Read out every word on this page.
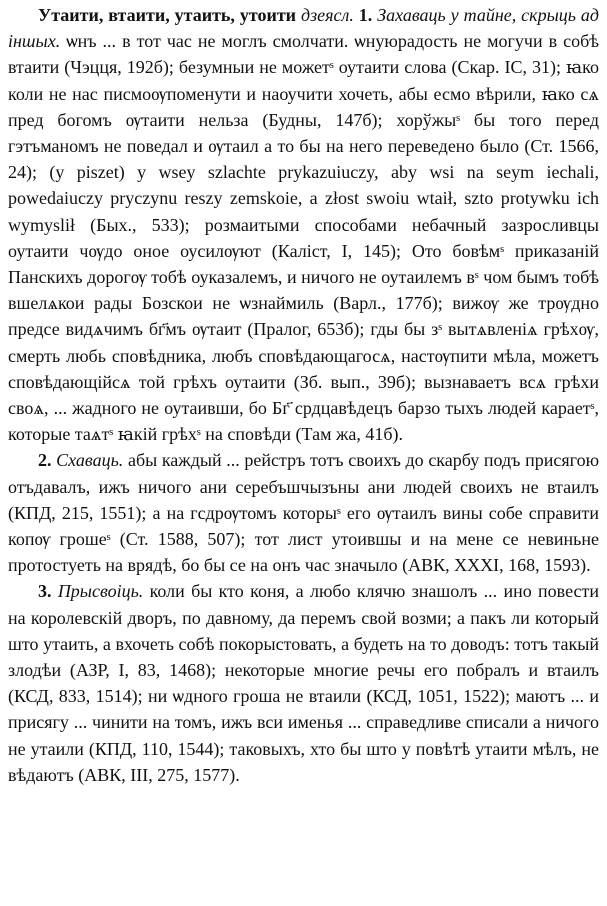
Утаити, втаити, утаить, утоити дзеясл. 1. Захаваць у тайне, скрыць ад іншых. ѡнъ ... в тот час не моглъ смолчати. ѡнуюрадость не могучи в собѣ втаити (Чэцця, 192б); безумныи не можетˢ оутаити слова (Скар. IC, 31); ꙗко коли не нас писмоѹпоменути и наоучити хочеть, абы есмо вѣрили, ꙗко сѧ пред богомъ ѹтаити нельза (Будны, 147б); хорўжыˢ бы того перед гэтъманомъ не поведал и ѹтаил а то бы на него переведено было (Ст. 1566, 24); (у piszet) у wsey szlachte prykazuiuczy, aby wsi na seym iechali, powedaiuczy pryczynu reszy zemskoie, a złost swoiu wtaił, szto protywku ich wymyslił (Бых., 533); розмаитыми способами небачный зазросливцы оутаити чѹдо оное оусилѹют (Каліст, I, 145); Ото бовѣмˢ приказаній Панскихъ дорогѹ тобѣ оуказалемъ, и ничого не оутаилемъ вˢ чом бымъ тобѣ вшелѧкои рады Бозскои не ѡзнаймиль (Варл., 177б); вижѹ же трѹдно предсе видѧчимъ бг҃мъ ѹтаит (Пралог, 653б); гды бы зˢ вытѧвленіѧ грѣхѹ, смерть любь сповѣдника, любъ сповѣдающагосѧ, настѹпити мѣла, можетъ сповѣдающійсѧ той грѣхъ оутаити (Зб. вып., 39б); вызнаваетъ всѧ грѣхи своѧ, ... жадного не оутаивши, бо Бг҃ срдцавѣдецъ барзо тыхъ людей караетˢ, которые таѧтˢ ꙗкій грѣхˢ на сповѣди (Там жа, 41б).

2. Схаваць. абы каждый ... рейстръ тотъ своихъ до скарбу подъ присягою отъдавалъ, ижъ ничого ани серебъшчызъны ани людей своихъ не втаилъ (КПД, 215, 1551); а на гсдрѹтомъ которыˢ его ѹтаилъ вины собе справити копѹ грошеˢ (Ст. 1588, 507); тот лист утоившы и на мене се невиньне протостуеть на врядѣ, бо бы се на онъ час значыло (АВК, XXXI, 168, 1593).

3. Прысвоіць. коли бы кто коня, а любо клячю знашолъ ... ино повести на королевскій дворъ, по давному, да перемъ свой возми; а пакъ ли который што утаить, а вхочеть собѣ покорыстовать, а будеть на то доводъ: тотъ такый злодѣи (АЗР, I, 83, 1468); некоторые многие речы его побралъ и втаилъ (КСД, 833, 1514); ни ѡдного гроша не втаили (КСД, 1051, 1522); маютъ ... и присягу ... чинити на томъ, ижъ вси именья ... справедливе списали а ничого не утаили (КПД, 110, 1544); таковыхъ, хто бы што у повѣтѣ утаити мѣлъ, не вѣдаютъ (АВК, III, 275, 1577).
